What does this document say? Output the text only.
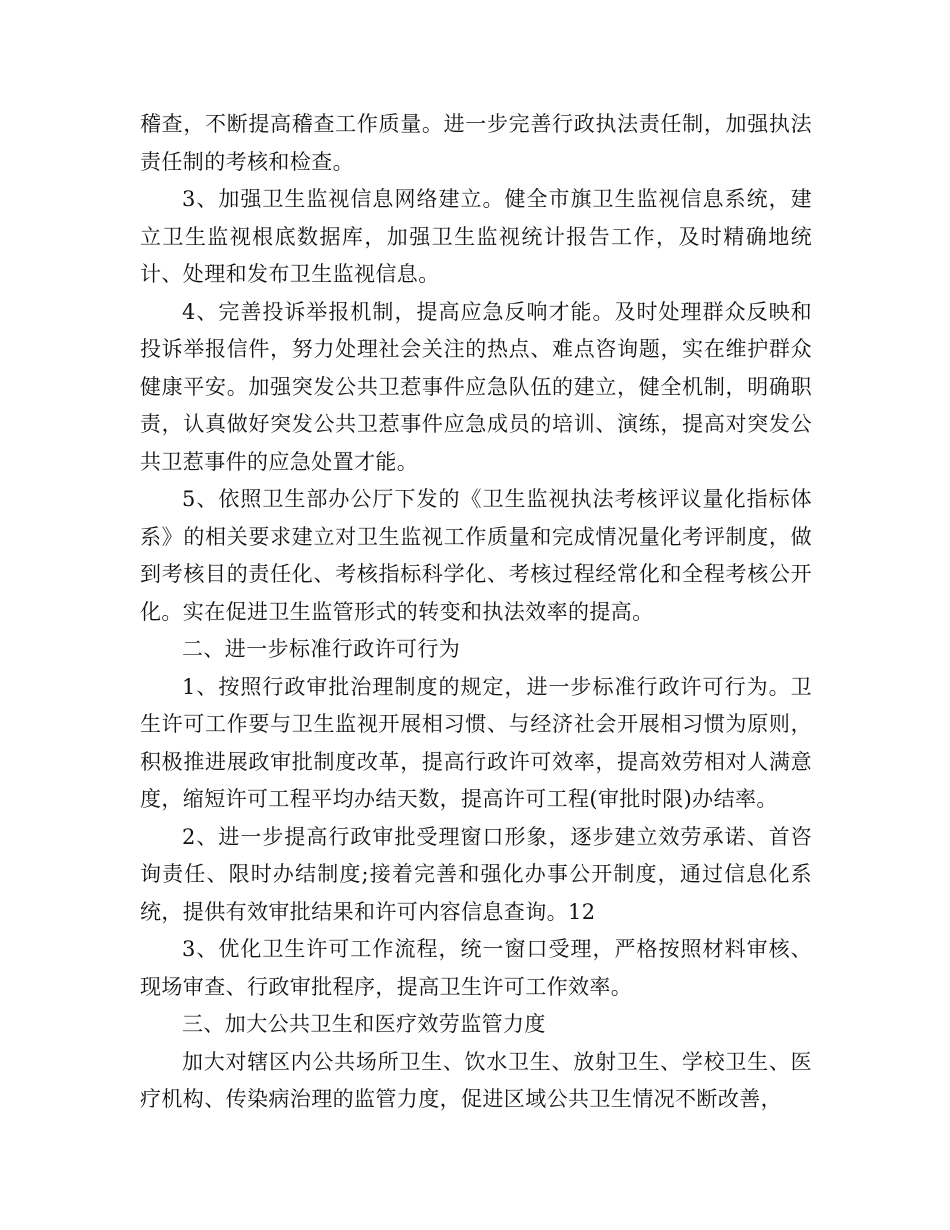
稽查，不断提高稽查工作质量。进一步完善行政执法责任制，加强执法责任制的考核和检查。

3、加强卫生监视信息网络建立。健全市旗卫生监视信息系统，建立卫生监视根底数据库，加强卫生监视统计报告工作，及时精确地统计、处理和发布卫生监视信息。

4、完善投诉举报机制，提高应急反响才能。及时处理群众反映和投诉举报信件，努力处理社会关注的热点、难点咨询题，实在维护群众健康平安。加强突发公共卫惹事件应急队伍的建立，健全机制，明确职责，认真做好突发公共卫惹事件应急成员的培训、演练，提高对突发公共卫惹事件的应急处置才能。

5、依照卫生部办公厅下发的《卫生监视执法考核评议量化指标体系》的相关要求建立对卫生监视工作质量和完成情况量化考评制度，做到考核目的责任化、考核指标科学化、考核过程经常化和全程考核公开化。实在促进卫生监管形式的转变和执法效率的提高。

二、进一步标准行政许可行为

1、按照行政审批治理制度的规定，进一步标准行政许可行为。卫生许可工作要与卫生监视开展相习惯、与经济社会开展相习惯为原则，积极推进展政审批制度改革，提高行政许可效率，提高效劳相对人满意度，缩短许可工程平均办结天数，提高许可工程(审批时限)办结率。

2、进一步提高行政审批受理窗口形象，逐步建立效劳承诺、首咨询责任、限时办结制度;接着完善和强化办事公开制度，通过信息化系统，提供有效审批结果和许可内容信息查询。12

3、优化卫生许可工作流程，统一窗口受理，严格按照材料审核、现场审查、行政审批程序，提高卫生许可工作效率。

三、加大公共卫生和医疗效劳监管力度

加大对辖区内公共场所卫生、饮水卫生、放射卫生、学校卫生、医疗机构、传染病治理的监管力度，促进区域公共卫生情况不断改善，
